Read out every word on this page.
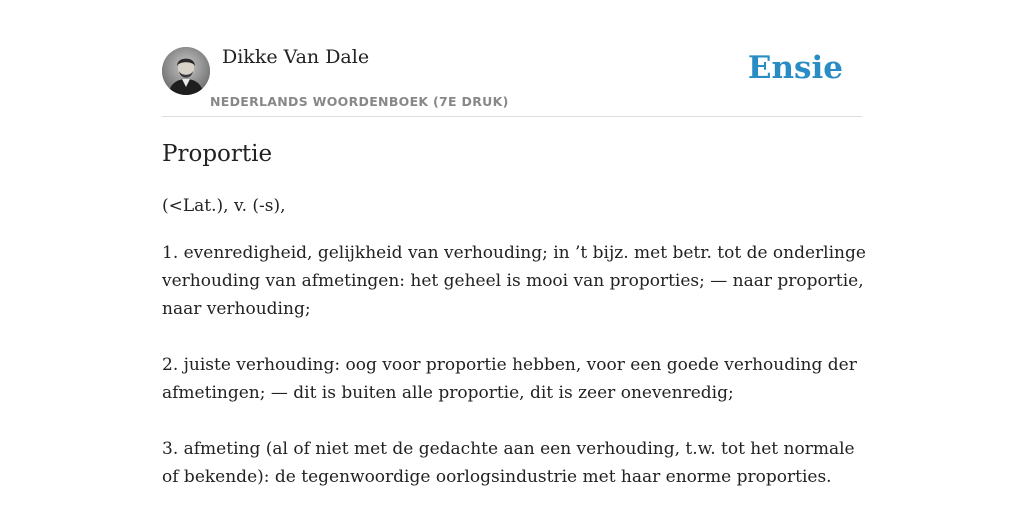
Dikke Van Dale
NEDERLANDS WOORDENBOEK (7E DRUK)
Ensie
Proportie

(<Lat.), v. (-s),

1. evenredigheid, gelijkheid van verhouding; in ’t bijz. met betr. tot de onderlinge verhouding van afmetingen: het geheel is mooi van proporties; — naar proportie, naar verhouding;

2. juiste verhouding: oog voor proportie hebben, voor een goede verhouding der afmetingen; — dit is buiten alle proportie, dit is zeer onevenredig;

3. afmeting (al of niet met de gedachte aan een verhouding, t.w. tot het normale of bekende): de tegenwoordige oorlogsindustrie met haar enorme proporties.
